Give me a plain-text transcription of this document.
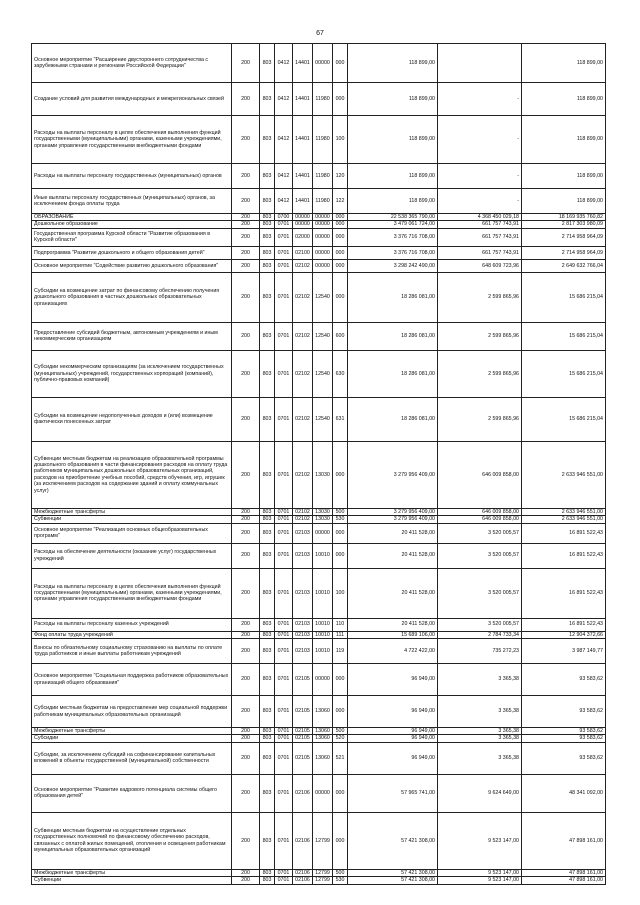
67
Основное мероприятие "Расширение двустороннего сотрудничества с зарубежными странами и регионами Российской Федерации"	200	803	0412	14401	00000	000	118 899,00		118 899,00
Создание условий для развития международных и межрегиональных связей	200	803	0412	14401	11980	000	118 899,00	-	118 899,00
Расходы на выплаты персоналу в целях обеспечения выполнения функций государственными (муниципальными) органами, казенными учреждениями, органами управления государственными внебюджетными фондами	200	803	0412	14401	11980	100	118 899,00	-	118 899,00
Расходы на выплаты персоналу государственных (муниципальных) органов	200	803	0412	14401	11980	120	118 899,00	-	118 899,00
Иные выплаты персоналу государственных (муниципальных) органов, за исключением фонда оплаты труда	200	803	0412	14401	11980	122	118 899,00	-	118 899,00
ОБРАЗОВАНИЕ	200	803	0700	00000	00000	000	22 538 365 790,00	4 368 450 029,18	18 169 935 760,82
Дошкольное образование	200	803	0701	00000	00000	000	3 479 061 724,00	661 757 743,91	2 817 303 980,09
Государственная программа Курской области "Развитие образования в Курской области"	200	803	0701	02000	00000	000	3 376 716 708,00	661 757 743,91	2 714 958 964,09
Подпрограмма "Развитие дошкольного и общего образования детей"	200	803	0701	02100	00000	000	3 376 716 708,00	661 757 743,91	2 714 958 964,09
Основное мероприятие "Содействие развитию дошкольного образования"	200	803	0701	02102	00000	000	3 298 242 490,00	648 609 723,96	2 649 632 766,04
Субсидии на возмещение затрат по финансовому обеспечению получения дошкольного образования в частных дошкольных образовательных организациях	200	803	0701	02102	12540	000	18 286 081,00	2 599 865,96	15 686 215,04
Предоставление субсидий бюджетным, автономным учреждениям и иным некоммерческим организациям	200	803	0701	02102	12540	600	18 286 081,00	2 599 865,96	15 686 215,04
Субсидии некоммерческим организациям (за исключением государственных (муниципальных) учреждений, государственных корпораций (компаний), публично-правовых компаний)	200	803	0701	02102	12540	630	18 286 081,00	2 599 865,96	15 686 215,04
Субсидии на возмещение недополученных доходов и (или) возмещение фактически понесенных затрат	200	803	0701	02102	12540	631	18 286 081,00	2 599 865,96	15 686 215,04
Субвенции местным бюджетам на реализацию образовательной программы дошкольного образования в части финансирования расходов на оплату труда работников муниципальных дошкольных образовательных организаций, расходов на приобретение учебных пособий, средств обучения, игр, игрушек (за исключением расходов на содержание зданий и оплату коммунальных услуг)	200	803	0701	02102	13030	000	3 279 956 409,00	646 009 858,00	2 633 946 551,00
Межбюджетные трансферты	200	803	0701	02102	13030	500	3 279 956 409,00	646 009 858,00	2 633 946 551,00
Субвенции	200	803	0701	02102	13030	530	3 279 956 409,00	646 009 858,00	2 633 946 551,00
Основное мероприятие "Реализация основных общеобразовательных программ"	200	803	0701	02103	00000	000	20 411 528,00	3 520 005,57	16 891 522,43
Расходы на обеспечение деятельности (оказание услуг) государственных учреждений	200	803	0701	02103	10010	000	20 411 528,00	3 520 005,57	16 891 522,43
Расходы на выплаты персоналу в целях обеспечения выполнения функций государственными (муниципальными) органами, казенными учреждениями, органами управления государственными внебюджетными фондами	200	803	0701	02103	10010	100	20 411 528,00	3 520 005,57	16 891 522,43
Расходы на выплаты персоналу казенных учреждений	200	803	0701	02103	10010	110	20 411 528,00	3 520 005,57	16 891 522,43
Фонд оплаты труда учреждений	200	803	0701	02103	10010	111	15 689 106,00	2 784 733,34	12 904 372,66
Взносы по обязательному социальному страхованию на выплаты по оплате труда работников и иные выплаты работникам учреждений	200	803	0701	02103	10010	119	4 722 422,00	735 272,23	3 987 149,77
Основное мероприятие "Социальная поддержка работников образовательных организаций общего образования"	200	803	0701	02105	00000	000	96 949,00	3 365,38	93 583,62
Субсидии местным бюджетам на предоставление мер социальной поддержки работникам муниципальных образовательных организаций	200	803	0701	02105	13060	000	96 949,00	3 365,38	93 583,62
Межбюджетные трансферты	200	803	0701	02105	13060	500	96 949,00	3 365,38	93 583,62
Субсидии	200	803	0701	02105	13060	520	96 949,00	3 365,38	93 583,62
Субсидии, за исключением субсидий на софинансирование капитальных вложений в объекты государственной (муниципальной) собственности	200	803	0701	02105	13060	521	96 949,00	3 365,38	93 583,62
Основное мероприятие "Развитие кадрового потенциала системы общего образования детей"	200	803	0701	02106	00000	000	57 965 741,00	9 624 649,00	48 341 092,00
Субвенции местным бюджетам на осуществление отдельных государственных полномочий по финансовому обеспечению расходов, связанных с оплатой жилых помещений, отопления и освещения работникам муниципальных образовательных организаций	200	803	0701	02106	12799	000	57 421 308,00	9 523 147,00	47 898 161,00
Межбюджетные трансферты	200	803	0701	02106	12799	500	57 421 308,00	9 523 147,00	47 898 161,00
Субвенции	200	803	0701	02106	12799	530	57 421 308,00	9 523 147,00	47 898 161,00
